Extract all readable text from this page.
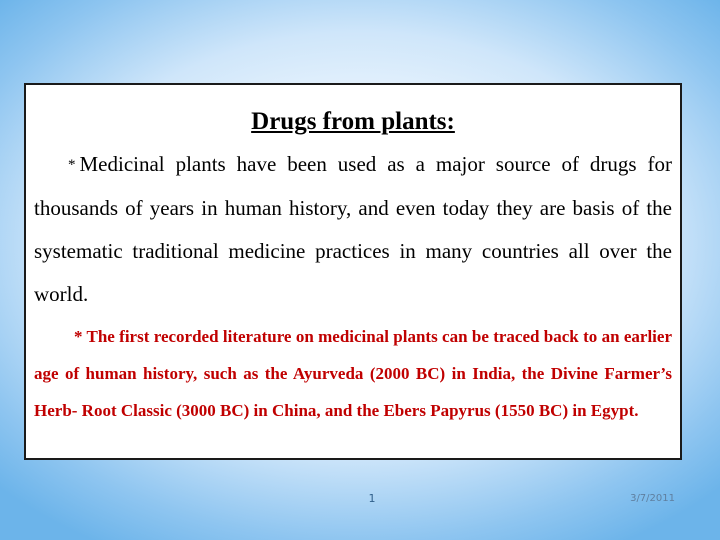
Drugs from plants:

* Medicinal plants have been used as a major source of drugs for thousands of years in human history, and even today they are basis of the systematic traditional medicine practices in many countries all over the world.

* The first recorded literature on medicinal plants can be traced back to an earlier age of human history, such as the Ayurveda (2000 BC) in India, the Divine Farmer’s Herb- Root Classic (3000 BC) in China, and the Ebers Papyrus (1550 BC) in Egypt.

1	3/7/2011
